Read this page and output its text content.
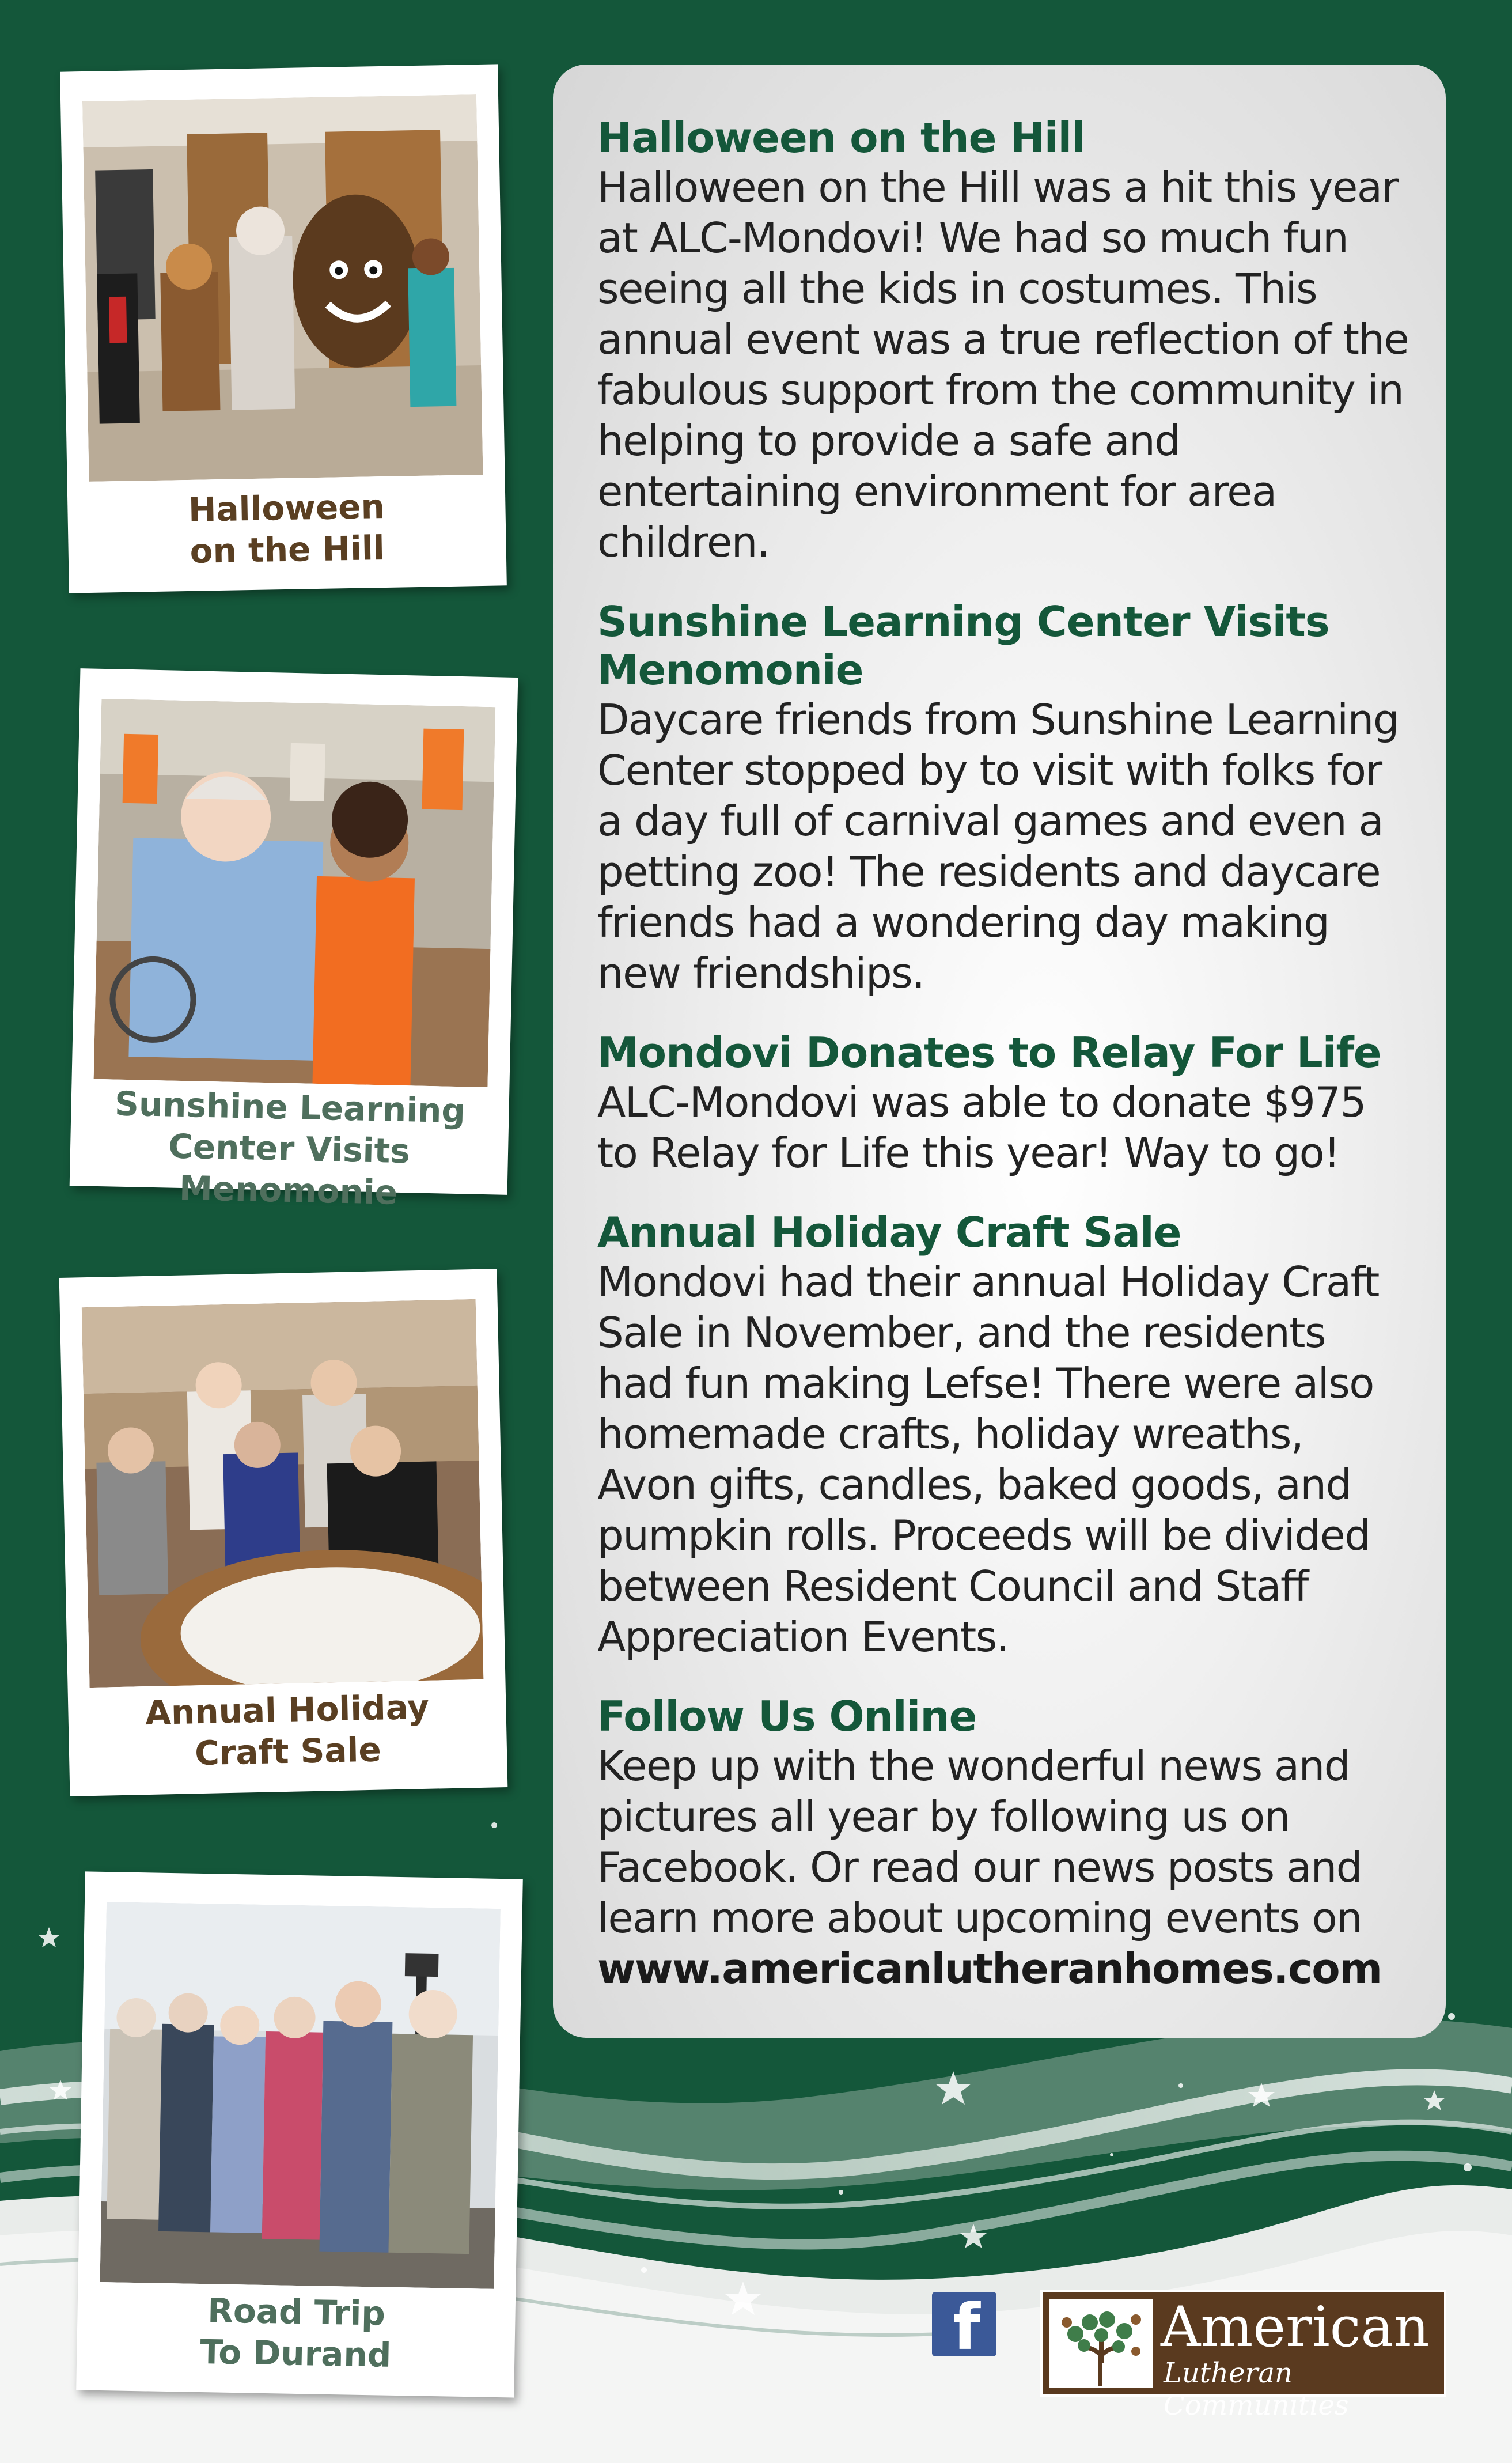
Halloween on the Hill

Halloween on the Hill was a hit this year at ALC-Mondovi! We had so much fun seeing all the kids in costumes. This annual event was a true reflection of the fabulous support from the community in helping to provide a safe and entertaining environment for area children.

Sunshine Learning Center Visits Menomonie

Daycare friends from Sunshine Learning Center stopped by to visit with folks for a day full of carnival games and even a petting zoo! The residents and daycare friends had a wondering day making new friendships.

Mondovi Donates to Relay For Life

ALC-Mondovi was able to donate $975 to Relay for Life this year! Way to go!

Annual Holiday Craft Sale

Mondovi had their annual Holiday Craft Sale in November, and the residents had fun making Lefse! There were also homemade crafts, holiday wreaths, Avon gifts, candles, baked goods, and pumpkin rolls. Proceeds will be divided between Resident Council and Staff Appreciation Events.

Follow Us Online

Keep up with the wonderful news and pictures all year by following us on Facebook. Or read our news posts and learn more about upcoming events on
www.americanlutheranhomes.com

Halloween
on the Hill
Sunshine Learning
Center Visits Menomonie
Annual Holiday
Craft Sale
Road Trip
To Durand	f	American
Lutheran Communities
